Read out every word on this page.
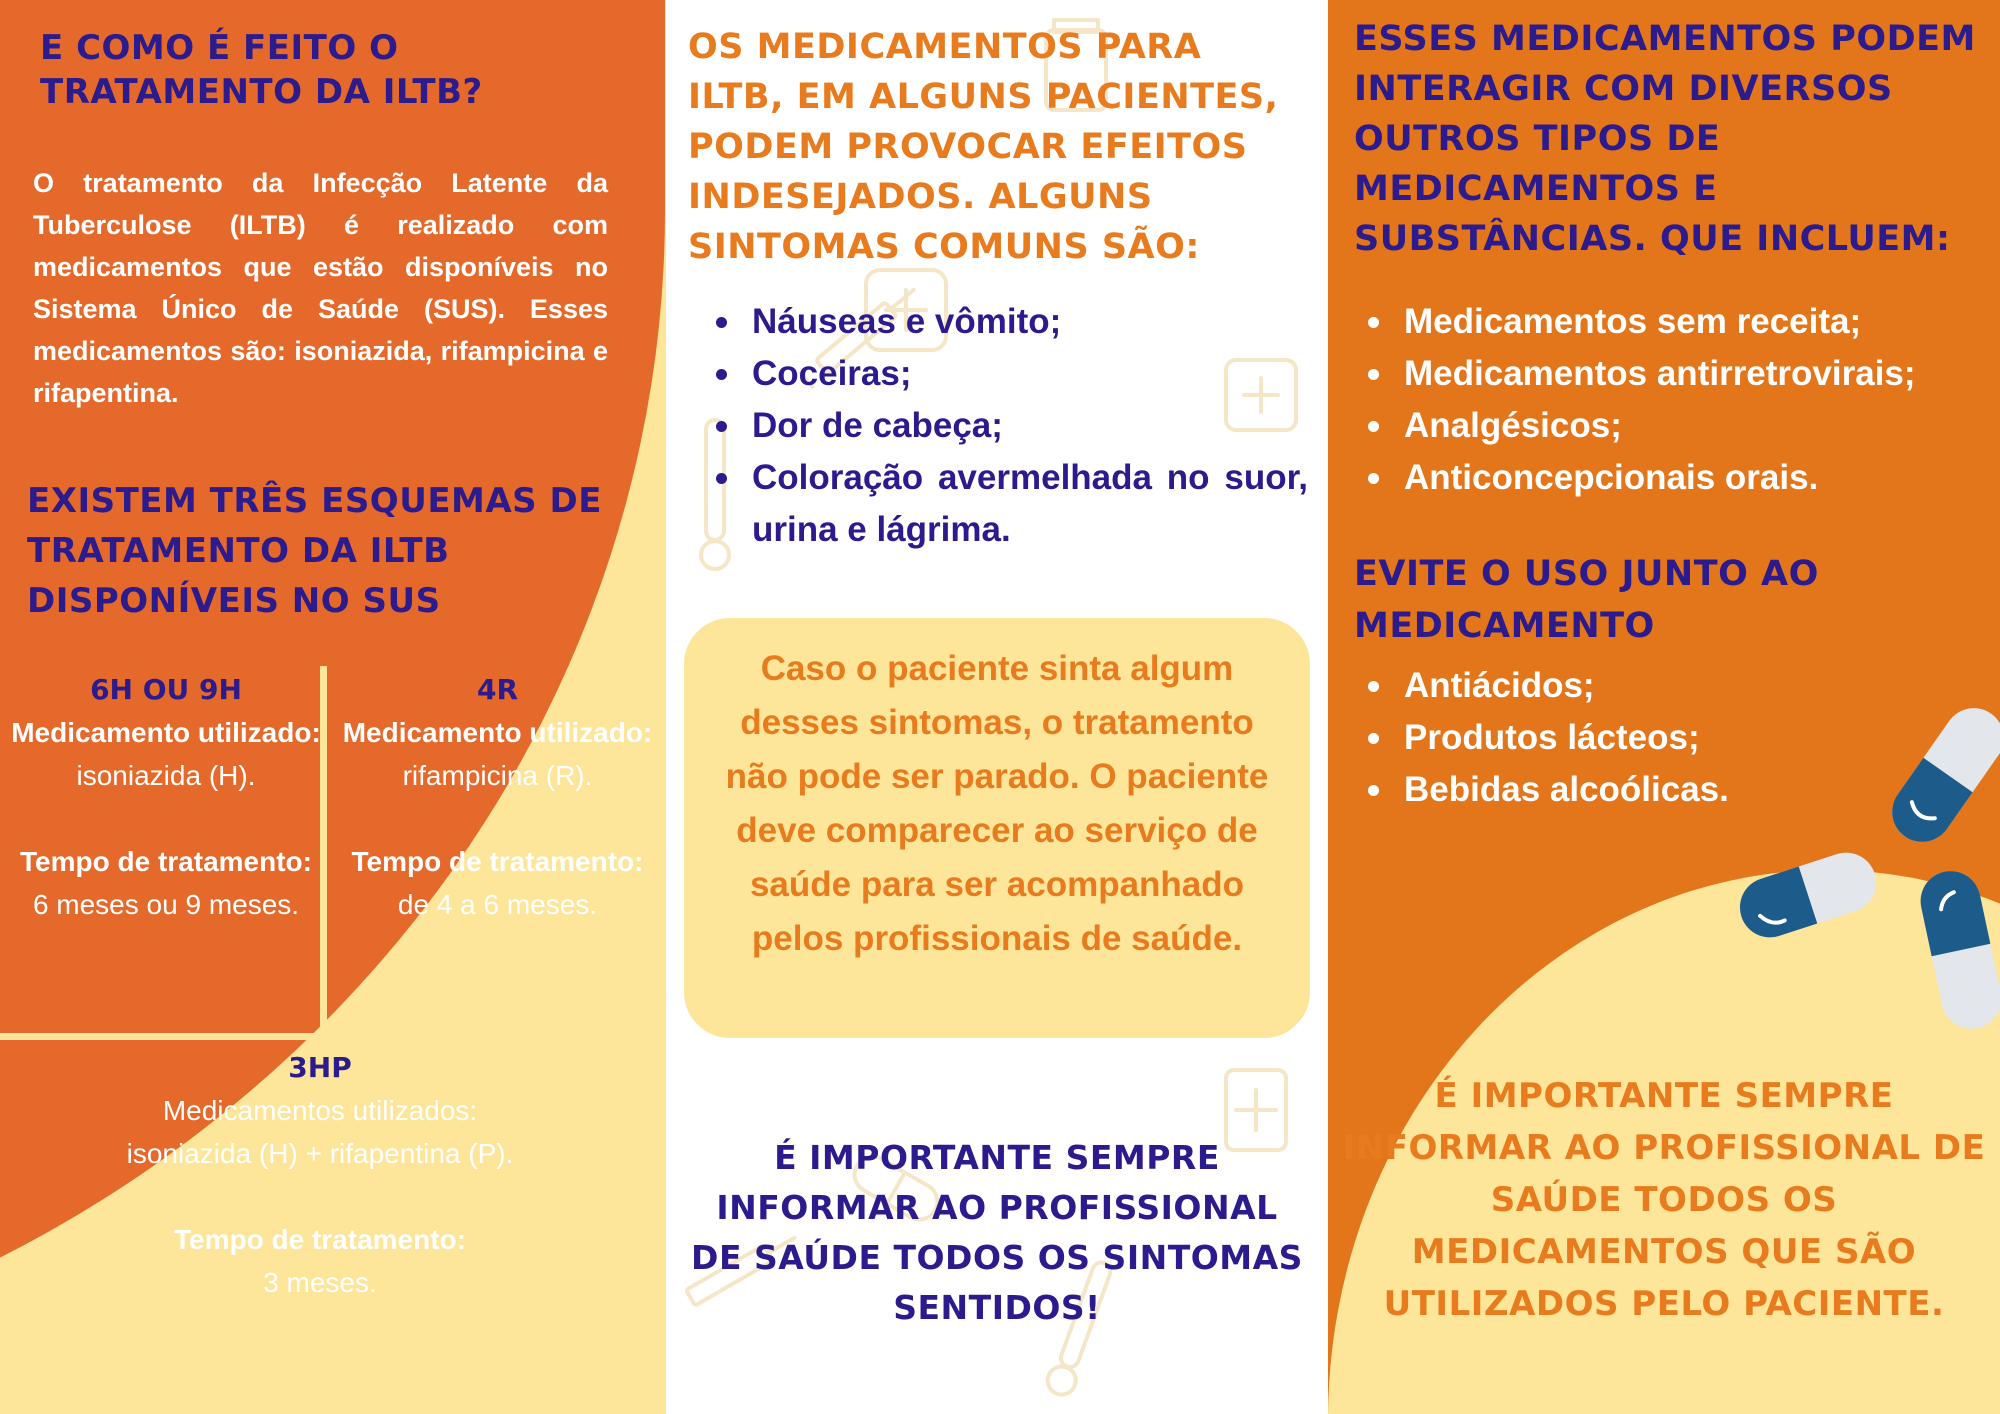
E COMO É FEITO O TRATAMENTO DA ILTB?

O tratamento da Infecção Latente da Tuberculose (ILTB) é realizado com medicamentos que estão disponíveis no Sistema Único de Saúde (SUS). Esses medicamentos são: isoniazida, rifampicina e rifapentina.

EXISTEM TRÊS ESQUEMAS DE TRATAMENTO DA ILTB DISPONÍVEIS NO SUS
6H OU 9H
Medicamento utilizado:
isoniazida (H).
Tempo de tratamento: 6 meses ou 9 meses.
4R
Medicamento utilizado:
rifampicina (R).
Tempo de tratamento: de 4 a 6 meses.
3HP
Medicamentos utilizados:
isoniazida (H) + rifapentina (P).
Tempo de tratamento:
3 meses.
OS MEDICAMENTOS PARA ILTB, EM ALGUNS PACIENTES, PODEM PROVOCAR EFEITOS INDESEJADOS. ALGUNS SINTOMAS COMUNS SÃO:
Náuseas e vômito;
Coceiras;
Dor de cabeça;
Coloração avermelhada no suor, urina e lágrima.

Caso o paciente sinta algum desses sintomas, o tratamento não pode ser parado. O paciente deve comparecer ao serviço de saúde para ser acompanhado pelos profissionais de saúde.

É IMPORTANTE SEMPRE INFORMAR AO PROFISSIONAL DE SAÚDE TODOS OS SINTOMAS SENTIDOS!
ESSES MEDICAMENTOS PODEM INTERAGIR COM DIVERSOS OUTROS TIPOS DE MEDICAMENTOS E SUBSTÂNCIAS. QUE INCLUEM:
Medicamentos sem receita;
Medicamentos antirretrovirais;
Analgésicos;
Anticoncepcionais orais.
EVITE O USO JUNTO AO MEDICAMENTO
Antiácidos;
Produtos lácteos;
Bebidas alcoólicas.
É IMPORTANTE SEMPRE INFORMAR AO PROFISSIONAL DE SAÚDE TODOS OS MEDICAMENTOS QUE SÃO UTILIZADOS PELO PACIENTE.
